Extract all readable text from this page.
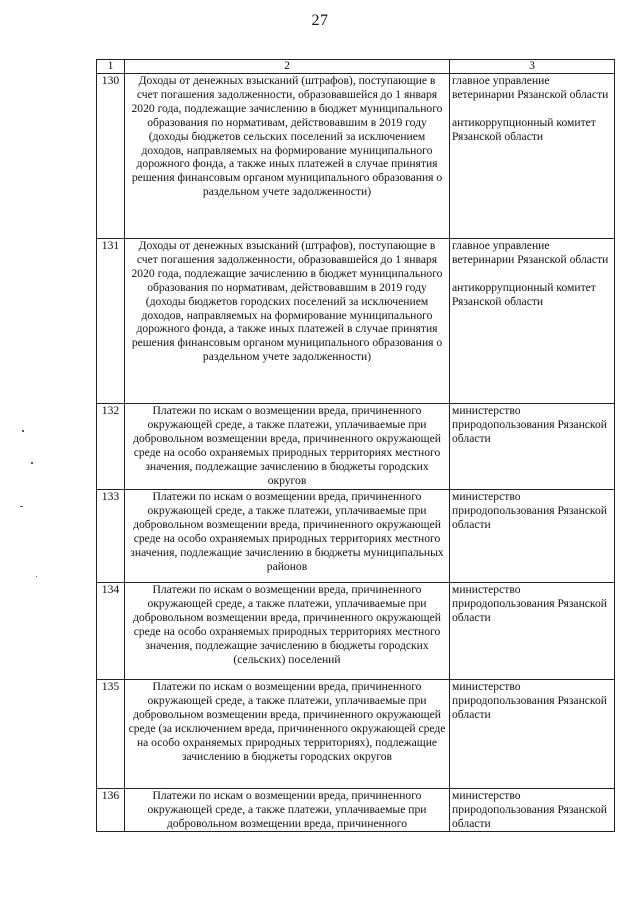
27
1	2	3
130	Доходы от денежных взысканий (штрафов), поступающие в счет погашения задолженности, образовавшейся до 1 января 2020 года, подлежащие зачислению в бюджет муниципального образования по нормативам, действовавшим в 2019 году (доходы бюджетов сельских поселений за исключением доходов, направляемых на формирование муниципального дорожного фонда, а также иных платежей в случае принятия решения финансовым органом муниципального образования о раздельном учете задолженности)	главное управление ветеринарии Рязанской области
антикоррупционный комитет Рязанской области

131	Доходы от денежных взысканий (штрафов), поступающие в счет погашения задолженности, образовавшейся до 1 января 2020 года, подлежащие зачислению в бюджет муниципального образования по нормативам, действовавшим в 2019 году (доходы бюджетов городских поселений за исключением доходов, направляемых на формирование муниципального дорожного фонда, а также иных платежей в случае принятия решения финансовым органом муниципального образования о раздельном учете задолженности)	главное управление ветеринарии Рязанской области
антикоррупционный комитет Рязанской области

132	Платежи по искам о возмещении вреда, причиненного окружающей среде, а также платежи, уплачиваемые при добровольном возмещении вреда, причиненного окружающей среде на особо охраняемых природных территориях местного значения, подлежащие зачислению в бюджеты городских округов	министерство природопользования Рязанской области

133	Платежи по искам о возмещении вреда, причиненного окружающей среде, а также платежи, уплачиваемые при добровольном возмещении вреда, причиненного окружающей среде на особо охраняемых природных территориях местного значения, подлежащие зачислению в бюджеты муниципальных районов	министерство природопользования Рязанской области

134	Платежи по искам о возмещении вреда, причиненного окружающей среде, а также платежи, уплачиваемые при добровольном возмещении вреда, причиненного окружающей среде на особо охраняемых природных территориях местного значения, подлежащие зачислению в бюджеты городских (сельских) поселений	министерство природопользования Рязанской области

135	Платежи по искам о возмещении вреда, причиненного окружающей среде, а также платежи, уплачиваемые при добровольном возмещении вреда, причиненного окружающей среде (за исключением вреда, причиненного окружающей среде на особо охраняемых природных территориях), подлежащие зачислению в бюджеты городских округов	министерство природопользования Рязанской области

136	Платежи по искам о возмещении вреда, причиненного окружающей среде, а также платежи, уплачиваемые при добровольном возмещении вреда, причиненного	министерство природопользования Рязанской области
